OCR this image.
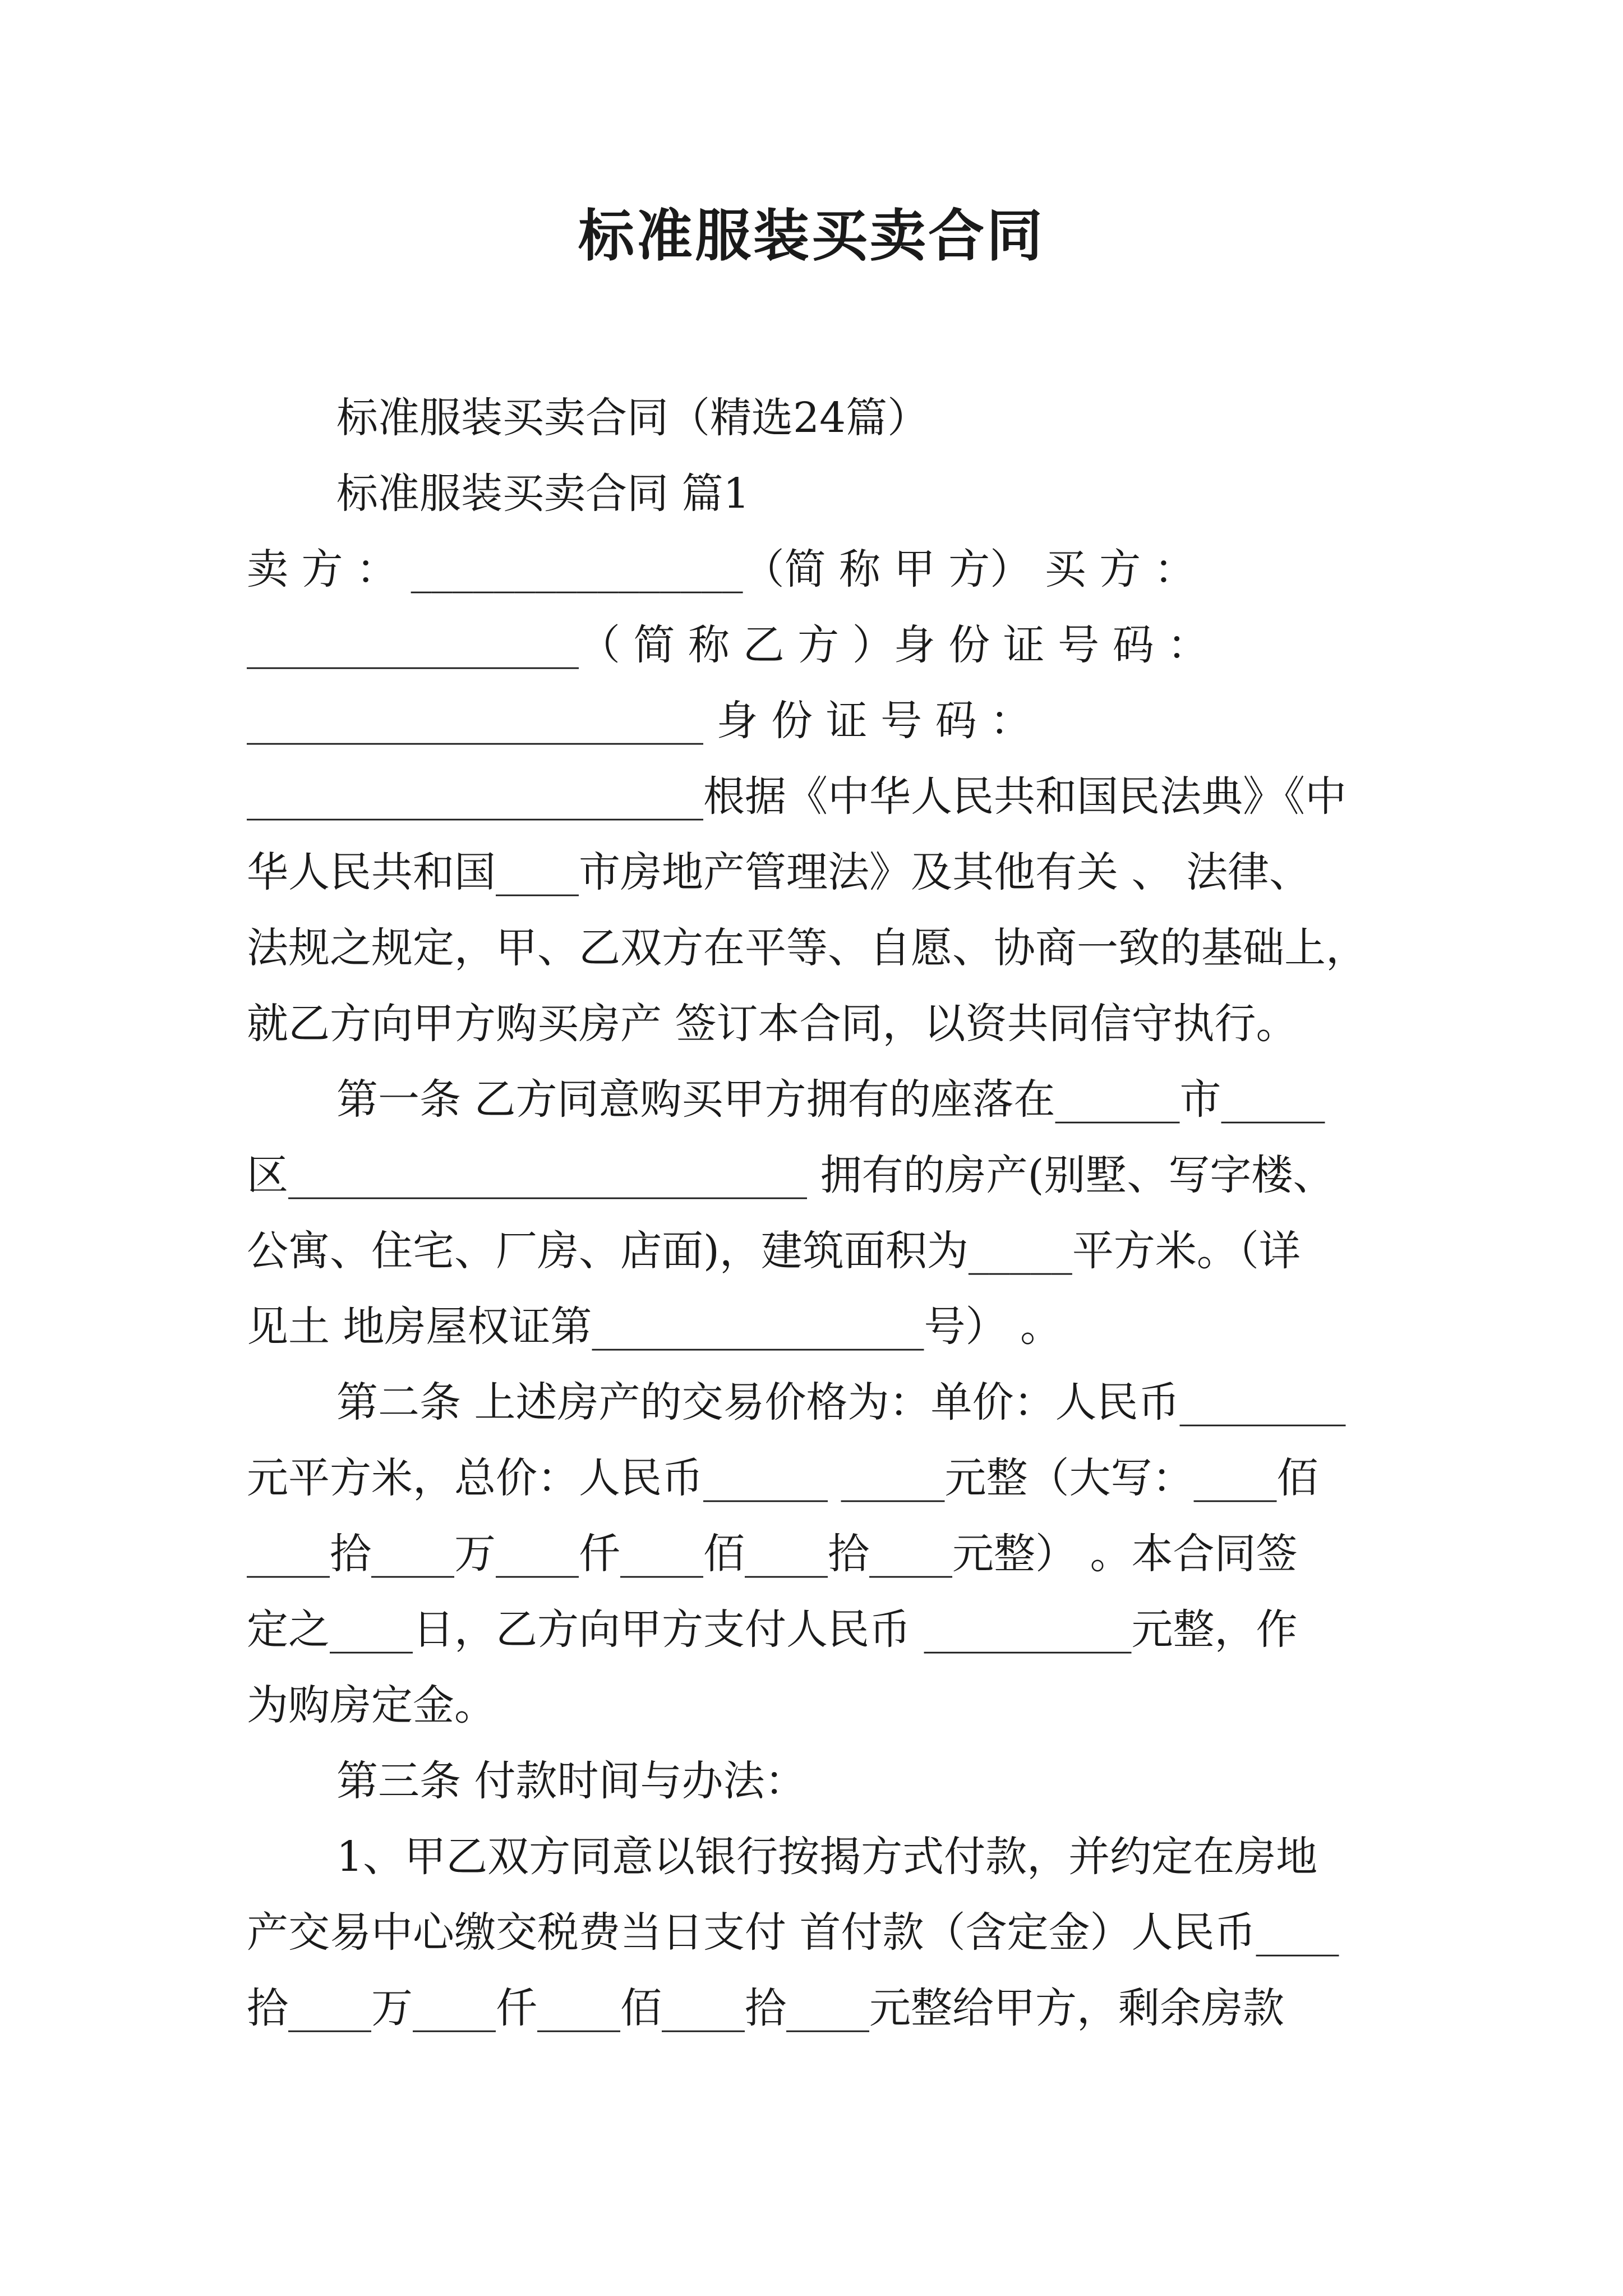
标准服装买卖合同
标准服装买卖合同（精选24篇）
标准服装买卖合同 篇1
卖 方 ： ________________（简 称 甲 方） 买 方 ：
________________（ 简 称 乙 方 ）身 份 证 号 码 ：
______________________ 身 份 证 号 码 ：
______________________根据《中华人民共和国民法典》《中
华人民共和国____市房地产管理法》及其他有关 、 法律、
法规之规定，甲、乙双方在平等、自愿、协商一致的基础上，
就乙方向甲方购买房产 签订本合同，以资共同信守执行。
第一条 乙方同意购买甲方拥有的座落在______市_____
区_________________________ 拥有的房产(别墅、写字楼、
公寓、住宅、厂房、店面)，建筑面积为_____平方米。（详
见土 地房屋权证第________________号） 。
第二条 上述房产的交易价格为：单价：人民币________
元平方米，总价：人民币______ _____元整（大写：____佰
____拾____万____仟____佰____拾____元整） 。本合同签
定之____日，乙方向甲方支付人民币 __________元整，作
为购房定金。
第三条 付款时间与办法：
1、甲乙双方同意以银行按揭方式付款，并约定在房地
产交易中心缴交税费当日支付 首付款（含定金）人民币____
拾____万____仟____佰____拾____元整给甲方，剩余房款
